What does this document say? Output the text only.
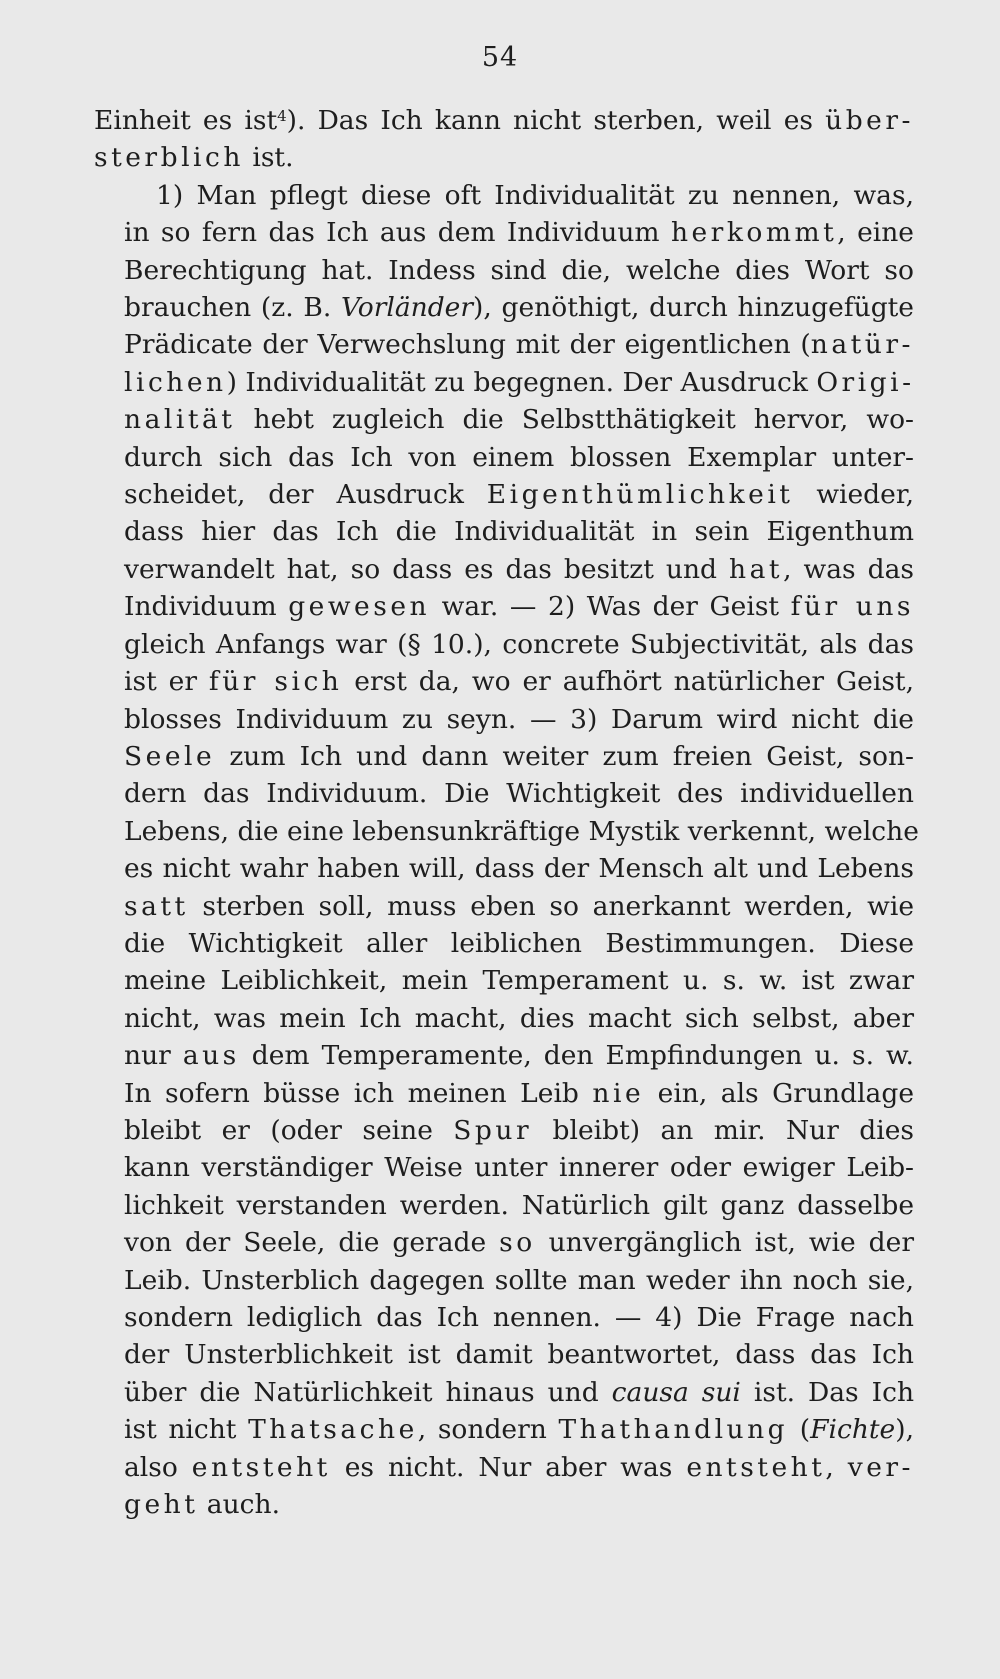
54
Einheit es ist$^4$). Das Ich kann nicht sterben, weil es über-
sterblich ist.
1) Man pflegt diese oft Individualität zu nennen, was,
in so fern das Ich aus dem Individuum herkommt, eine
Berechtigung hat. Indess sind die, welche dies Wort so
brauchen (z. B. Vorländer), genöthigt, durch hinzugefügte
Prädicate der Verwechslung mit der eigentlichen (natür-
lichen) Individualität zu begegnen. Der Ausdruck Origi-
nalität hebt zugleich die Selbstthätigkeit hervor, wo-
durch sich das Ich von einem blossen Exemplar unter-
scheidet, der Ausdruck Eigenthümlichkeit wieder,
dass hier das Ich die Individualität in sein Eigenthum
verwandelt hat, so dass es das besitzt und hat, was das
Individuum gewesen war. — 2) Was der Geist für uns
gleich Anfangs war (§ 10.), concrete Subjectivität, als das
ist er für sich erst da, wo er aufhört natürlicher Geist,
blosses Individuum zu seyn. — 3) Darum wird nicht die
Seele zum Ich und dann weiter zum freien Geist, son-
dern das Individuum. Die Wichtigkeit des individuellen
Lebens, die eine lebensunkräftige Mystik verkennt, welche
es nicht wahr haben will, dass der Mensch alt und Lebens
satt sterben soll, muss eben so anerkannt werden, wie
die Wichtigkeit aller leiblichen Bestimmungen. Diese
meine Leiblichkeit, mein Temperament u. s. w. ist zwar
nicht, was mein Ich macht, dies macht sich selbst, aber
nur aus dem Temperamente, den Empfindungen u. s. w.
In sofern büsse ich meinen Leib nie ein, als Grundlage
bleibt er (oder seine Spur bleibt) an mir. Nur dies
kann verständiger Weise unter innerer oder ewiger Leib-
lichkeit verstanden werden. Natürlich gilt ganz dasselbe
von der Seele, die gerade so unvergänglich ist, wie der
Leib. Unsterblich dagegen sollte man weder ihn noch sie,
sondern lediglich das Ich nennen. — 4) Die Frage nach
der Unsterblichkeit ist damit beantwortet, dass das Ich
über die Natürlichkeit hinaus und causa sui ist. Das Ich
ist nicht Thatsache, sondern Thathandlung (Fichte),
also entsteht es nicht. Nur aber was entsteht, ver-
geht auch.
